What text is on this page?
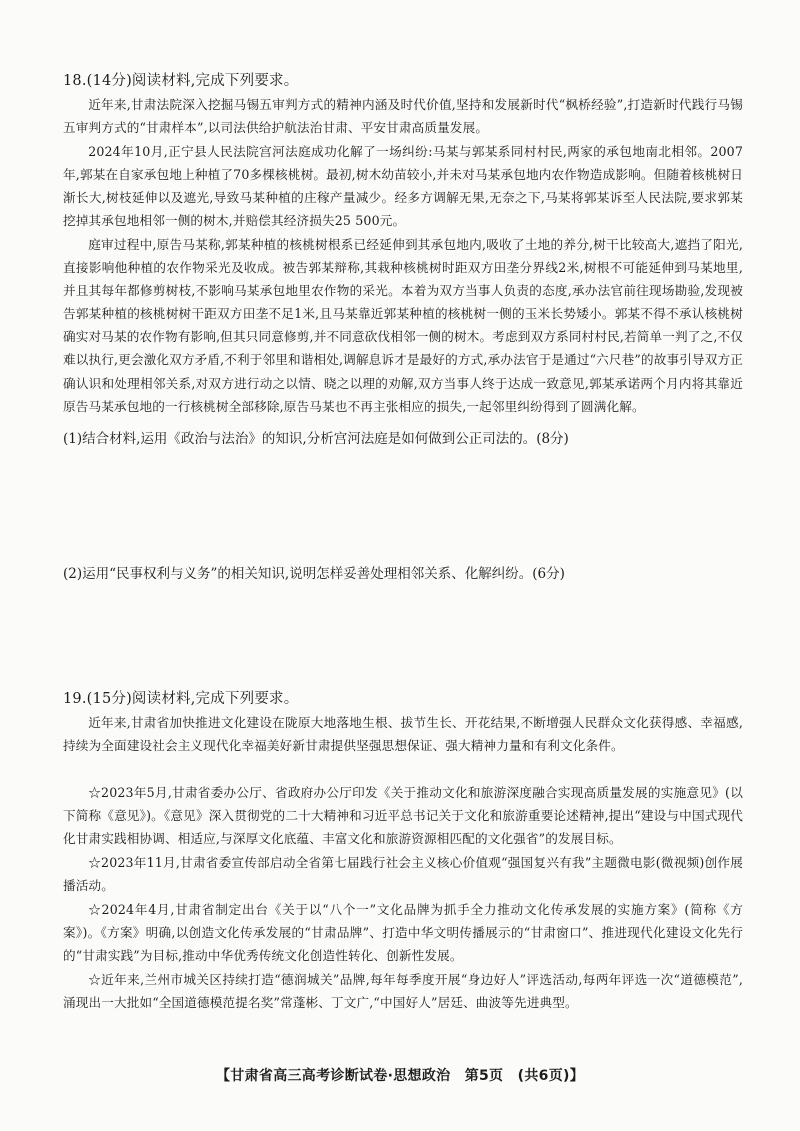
18.(14分)阅读材料,完成下列要求。

近年来,甘肃法院深入挖掘马锡五审判方式的精神内涵及时代价值,坚持和发展新时代“枫桥经验”,打造新时代践行马锡五审判方式的“甘肃样本”,以司法供给护航法治甘肃、平安甘肃高质量发展。

2024年10月,正宁县人民法院宫河法庭成功化解了一场纠纷:马某与郭某系同村村民,两家的承包地南北相邻。2007年,郭某在自家承包地上种植了70多棵核桃树。最初,树木幼苗较小,并未对马某承包地内农作物造成影响。但随着核桃树日渐长大,树枝延伸以及遮光,导致马某种植的庄稼产量减少。经多方调解无果,无奈之下,马某将郭某诉至人民法院,要求郭某挖掉其承包地相邻一侧的树木,并赔偿其经济损失25 500元。

庭审过程中,原告马某称,郭某种植的核桃树根系已经延伸到其承包地内,吸收了土地的养分,树干比较高大,遮挡了阳光,直接影响他种植的农作物采光及收成。被告郭某辩称,其栽种核桃树时距双方田垄分界线2米,树根不可能延伸到马某地里,并且其每年都修剪树枝,不影响马某承包地里农作物的采光。本着为双方当事人负责的态度,承办法官前往现场勘验,发现被告郭某种植的核桃树树干距双方田垄不足1米,且马某靠近郭某种植的核桃树一侧的玉米长势矮小。郭某不得不承认核桃树确实对马某的农作物有影响,但其只同意修剪,并不同意砍伐相邻一侧的树木。考虑到双方系同村村民,若简单一判了之,不仅难以执行,更会激化双方矛盾,不利于邻里和谐相处,调解息诉才是最好的方式,承办法官于是通过“六尺巷”的故事引导双方正确认识和处理相邻关系,对双方进行动之以情、晓之以理的劝解,双方当事人终于达成一致意见,郭某承诺两个月内将其靠近原告马某承包地的一行核桃树全部移除,原告马某也不再主张相应的损失,一起邻里纠纷得到了圆满化解。

(1)结合材料,运用《政治与法治》的知识,分析宫河法庭是如何做到公正司法的。(8分)

(2)运用“民事权利与义务”的相关知识,说明怎样妥善处理相邻关系、化解纠纷。(6分)

19.(15分)阅读材料,完成下列要求。

近年来,甘肃省加快推进文化建设在陇原大地落地生根、拔节生长、开花结果,不断增强人民群众文化获得感、幸福感,持续为全面建设社会主义现代化幸福美好新甘肃提供坚强思想保证、强大精神力量和有利文化条件。

☆2023年5月,甘肃省委办公厅、省政府办公厅印发《关于推动文化和旅游深度融合实现高质量发展的实施意见》(以下简称《意见》)。《意见》深入贯彻党的二十大精神和习近平总书记关于文化和旅游重要论述精神,提出“建设与中国式现代化甘肃实践相协调、相适应,与深厚文化底蕴、丰富文化和旅游资源相匹配的文化强省”的发展目标。

☆2023年11月,甘肃省委宣传部启动全省第七届践行社会主义核心价值观“强国复兴有我”主题微电影(微视频)创作展播活动。

☆2024年4月,甘肃省制定出台《关于以“八个一”文化品牌为抓手全力推动文化传承发展的实施方案》(简称《方案》)。《方案》明确,以创造文化传承发展的“甘肃品牌”、打造中华文明传播展示的“甘肃窗口”、推进现代化建设文化先行的“甘肃实践”为目标,推动中华优秀传统文化创造性转化、创新性发展。

☆近年来,兰州市城关区持续打造“德润城关”品牌,每年每季度开展“身边好人”评选活动,每两年评选一次“道德模范”,涌现出一大批如“全国道德模范提名奖”常蓬彬、丁文广,“中国好人”居廷、曲波等先进典型。

【甘肃省高三高考诊断试卷·思想政治　第5页　(共6页)】
